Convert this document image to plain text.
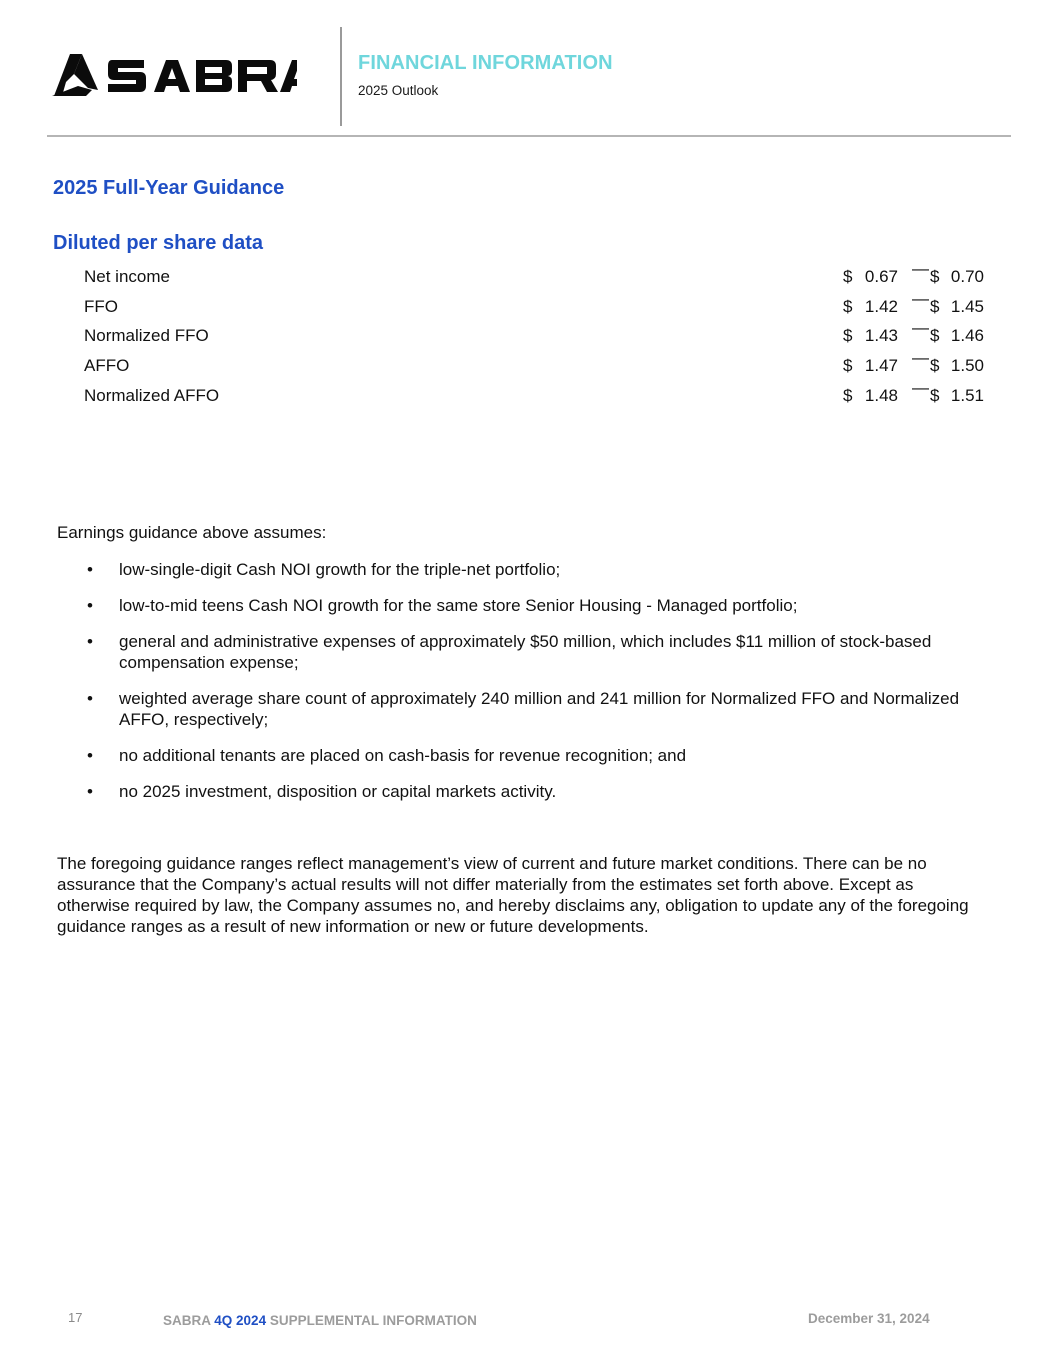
FINANCIAL INFORMATION
2025 Outlook
2025 Full-Year Guidance
Diluted per share data
Net income	$ 0.67 — $ 0.70
FFO	$ 1.42 — $ 1.45
Normalized FFO	$ 1.43 — $ 1.46
AFFO	$ 1.47 — $ 1.50
Normalized AFFO	$ 1.48 — $ 1.51
Earnings guidance above assumes:
• low-single-digit Cash NOI growth for the triple-net portfolio;
• low-to-mid teens Cash NOI growth for the same store Senior Housing - Managed portfolio;
• general and administrative expenses of approximately $50 million, which includes $11 million of stock-based compensation expense;
• weighted average share count of approximately 240 million and 241 million for Normalized FFO and Normalized AFFO, respectively;
• no additional tenants are placed on cash-basis for revenue recognition; and
• no 2025 investment, disposition or capital markets activity.
The foregoing guidance ranges reflect management’s view of current and future market conditions. There can be no assurance that the Company’s actual results will not differ materially from the estimates set forth above. Except as otherwise required by law, the Company assumes no, and hereby disclaims any, obligation to update any of the foregoing guidance ranges as a result of new information or new or future developments.
17	SABRA 4Q 2024 SUPPLEMENTAL INFORMATION	December 31, 2024
